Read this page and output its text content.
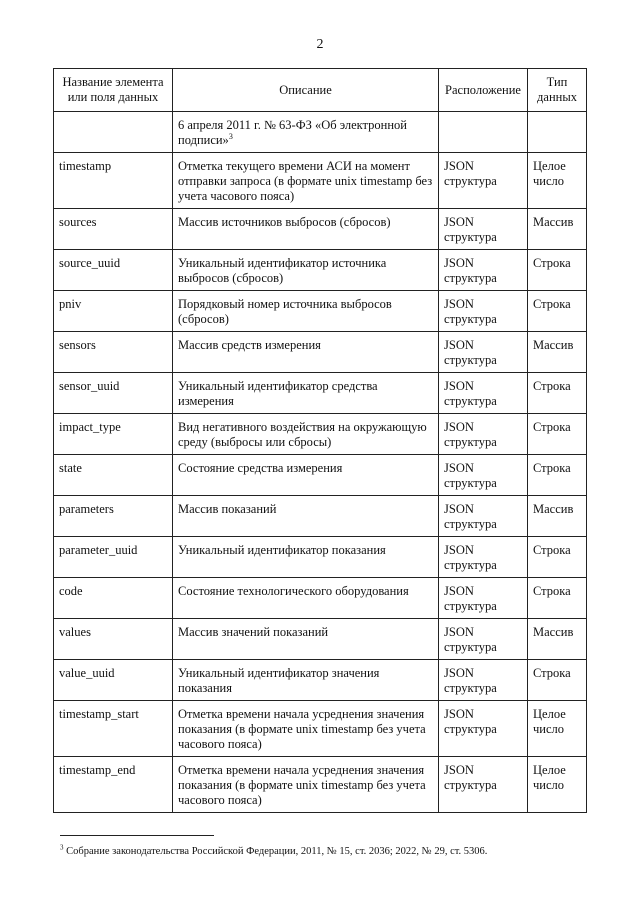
2
Название элемента или поля данных	Описание	Расположение	Тип данных
	6 апреля 2011 г. № 63-ФЗ «Об электронной подписи»$^3$		
timestamp	Отметка текущего времени АСИ на момент отправки запроса (в формате unix timestamp без учета часового пояса)	JSON структура	Целое число
sources	Массив источников выбросов (сбросов)	JSON структура	Массив
source_uuid	Уникальный идентификатор источника выбросов (сбросов)	JSON структура	Строка
pniv	Порядковый номер источника выбросов (сбросов)	JSON структура	Строка
sensors	Массив средств измерения	JSON структура	Массив
sensor_uuid	Уникальный идентификатор средства измерения	JSON структура	Строка
impact_type	Вид негативного воздействия на окружающую среду (выбросы или сбросы)	JSON структура	Строка
state	Состояние средства измерения	JSON структура	Строка
parameters	Массив показаний	JSON структура	Массив
parameter_uuid	Уникальный идентификатор показания	JSON структура	Строка
code	Состояние технологического оборудования	JSON структура	Строка
values	Массив значений показаний	JSON структура	Массив
value_uuid	Уникальный идентификатор значения показания	JSON структура	Строка
timestamp_start	Отметка времени начала усреднения значения показания (в формате unix timestamp без учета часового пояса)	JSON структура	Целое число
timestamp_end	Отметка времени начала усреднения значения показания (в формате unix timestamp без учета часового пояса)	JSON структура	Целое число
$^3$ Собрание законодательства Российской Федерации, 2011, № 15, ст. 2036; 2022, № 29, ст. 5306.
